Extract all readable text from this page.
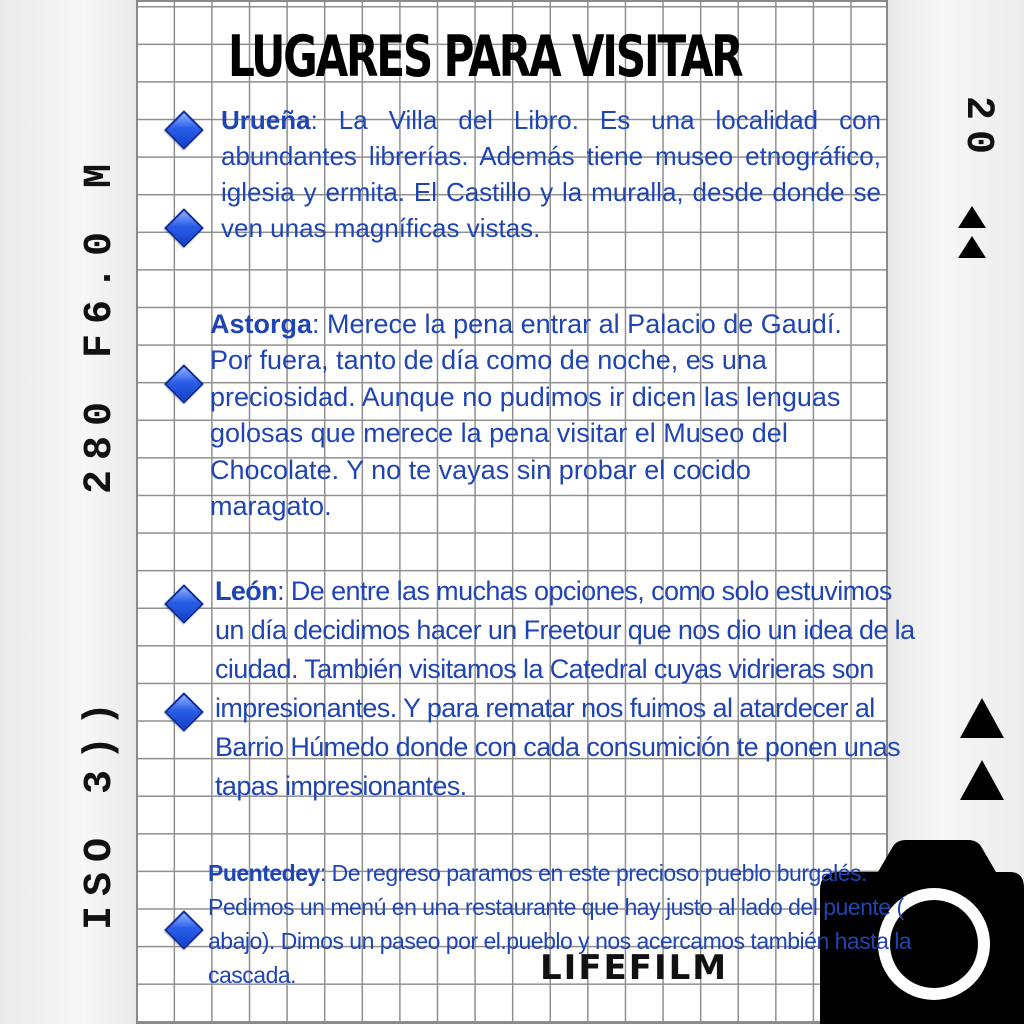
280 F6.0 M
ISO 3))
20
LUGARES PARA VISITAR

Urueña: La Villa del Libro. Es una localidad con abundantes librerías. Además tiene museo etnográfico, iglesia y ermita. El Castillo y la muralla, desde donde se ven unas magníficas vistas.

Astorga: Merece la pena entrar al Palacio de Gaudí. Por fuera, tanto de día como de noche, es una preciosidad. Aunque no pudimos ir dicen las lenguas golosas que merece la pena visitar el Museo del Chocolate. Y no te vayas sin probar el cocido maragato.

León: De entre las muchas opciones, como solo estuvimos un día decidimos hacer un Freetour que nos dio un idea de la ciudad. También visitamos la Catedral cuyas vidrieras son impresionantes. Y para rematar nos fuimos al atardecer al Barrio Húmedo donde con cada consumición te ponen unas tapas impresionantes.

LIFEFILM

Puentedey: De regreso paramos en este precioso pueblo burgalés. Pedimos un menú en una restaurante que hay justo al lado del puente ( abajo). Dimos un paseo por el.pueblo y nos acercamos también hasta la cascada.
